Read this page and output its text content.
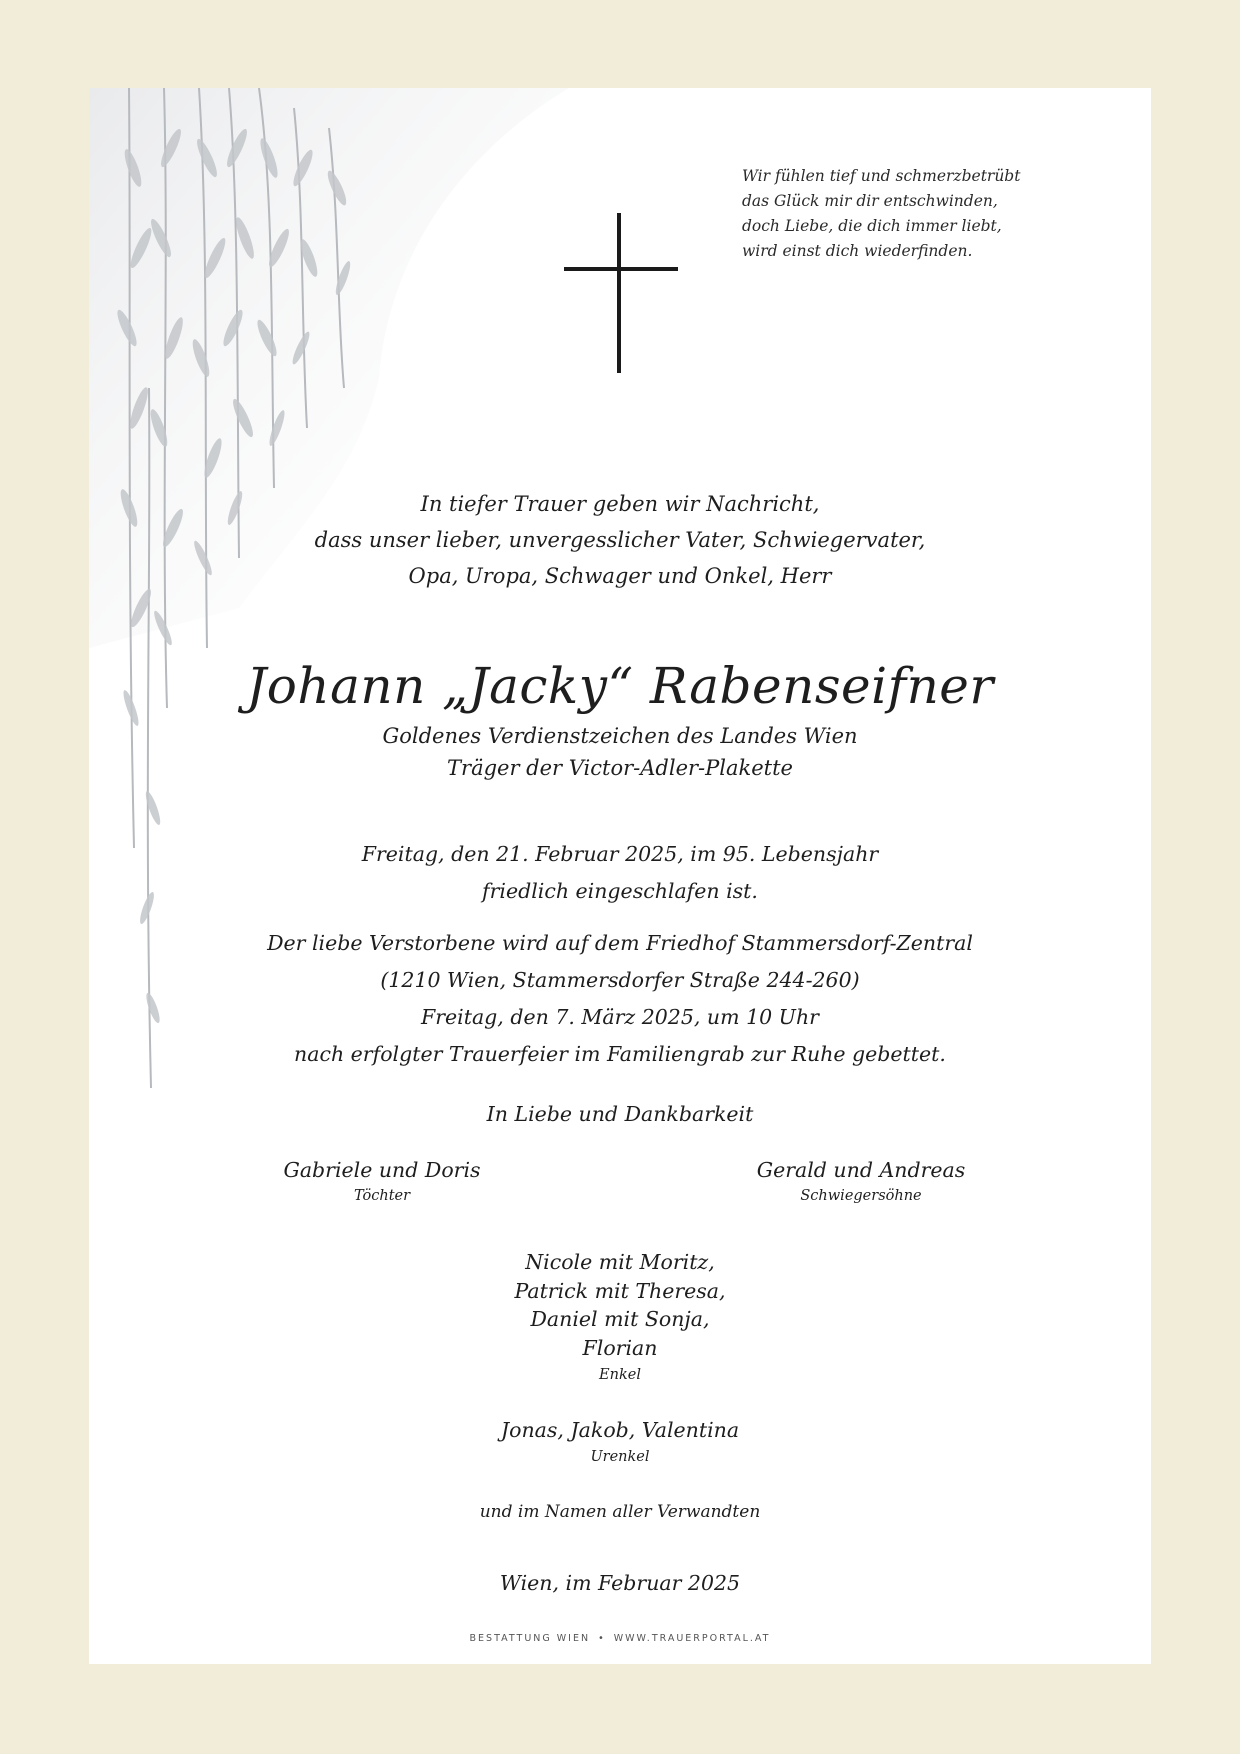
Wir fühlen tief und schmerzbetrübt
das Glück mir dir entschwinden,
doch Liebe, die dich immer liebt,
wird einst dich wiederfinden.
In tiefer Trauer geben wir Nachricht,
dass unser lieber, unvergesslicher Vater, Schwiegervater,
Opa, Uropa, Schwager und Onkel, Herr
Johann „Jacky“ Rabenseifner
Goldenes Verdienstzeichen des Landes Wien
Träger der Victor-Adler-Plakette
Freitag, den 21. Februar 2025, im 95. Lebensjahr
friedlich eingeschlafen ist.
Der liebe Verstorbene wird auf dem Friedhof Stammersdorf-Zentral
(1210 Wien, Stammersdorfer Straße 244-260)
Freitag, den 7. März 2025, um 10 Uhr
nach erfolgter Trauerfeier im Familiengrab zur Ruhe gebettet.
In Liebe und Dankbarkeit
Gabriele und Doris
Töchter
Gerald und Andreas
Schwiegersöhne
Nicole mit Moritz,
Patrick mit Theresa,
Daniel mit Sonja,
Florian
Enkel
Jonas, Jakob, Valentina
Urenkel
und im Namen aller Verwandten
Wien, im Februar 2025
BESTATTUNG WIEN • WWW.TRAUERPORTAL.AT
